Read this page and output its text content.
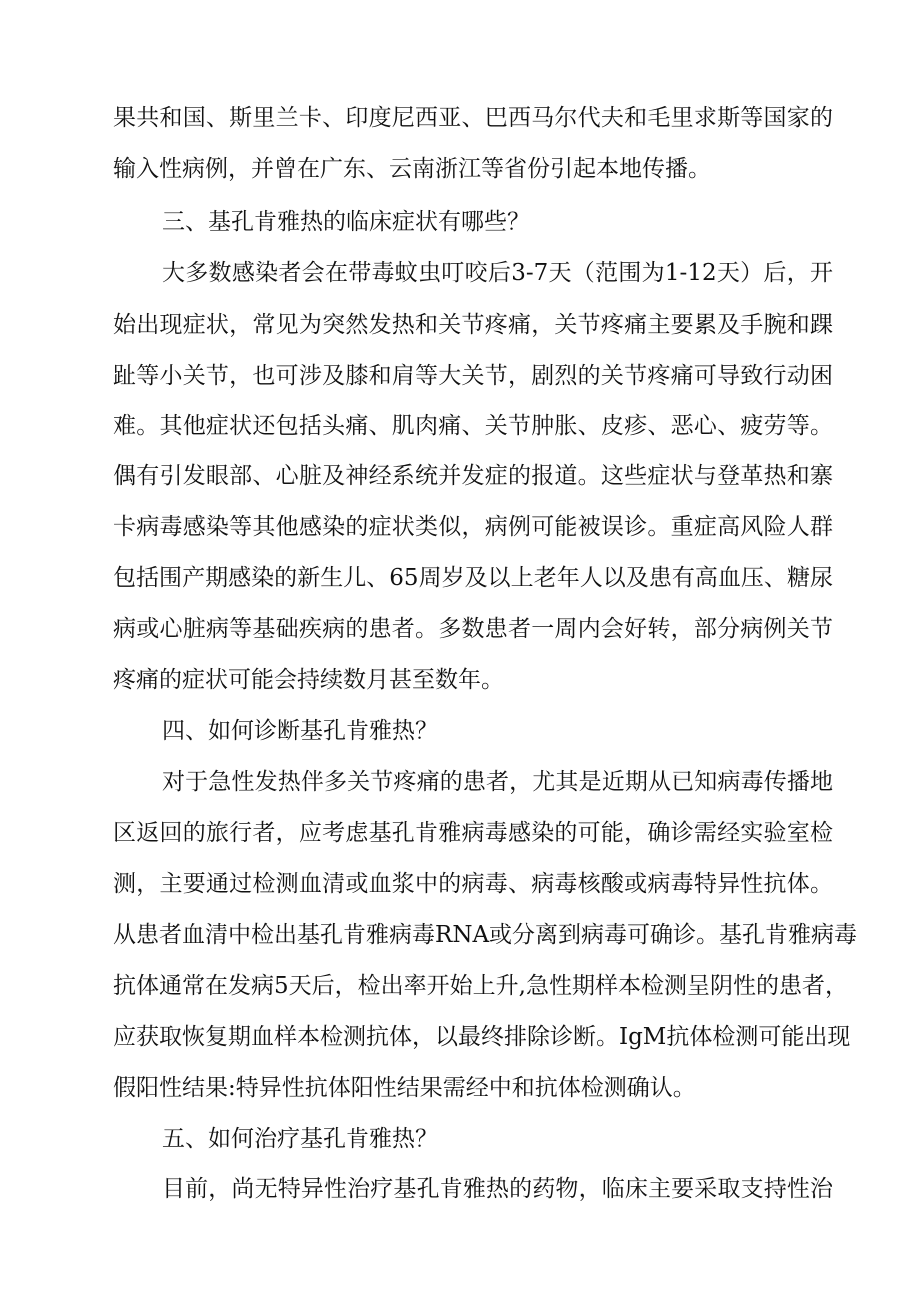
果共和国、斯里兰卡、印度尼西亚、巴西马尔代夫和毛里求斯等国家的
输入性病例，并曾在广东、云南浙江等省份引起本地传播。
三、基孔肯雅热的临床症状有哪些？
大多数感染者会在带毒蚊虫叮咬后3-7天（范围为1-12天）后，开
始出现症状，常见为突然发热和关节疼痛，关节疼痛主要累及手腕和踝
趾等小关节，也可涉及膝和肩等大关节，剧烈的关节疼痛可导致行动困
难。其他症状还包括头痛、肌肉痛、关节肿胀、皮疹、恶心、疲劳等。
偶有引发眼部、心脏及神经系统并发症的报道。这些症状与登革热和寨
卡病毒感染等其他感染的症状类似，病例可能被误诊。重症高风险人群
包括围产期感染的新生儿、65周岁及以上老年人以及患有高血压、糖尿
病或心脏病等基础疾病的患者。多数患者一周内会好转，部分病例关节
疼痛的症状可能会持续数月甚至数年。
四、如何诊断基孔肯雅热？
对于急性发热伴多关节疼痛的患者，尤其是近期从已知病毒传播地
区返回的旅行者，应考虑基孔肯雅病毒感染的可能，确诊需经实验室检
测，主要通过检测血清或血浆中的病毒、病毒核酸或病毒特异性抗体。
从患者血清中检出基孔肯雅病毒RNA或分离到病毒可确诊。基孔肯雅病毒
抗体通常在发病5天后，检出率开始上升,急性期样本检测呈阴性的患者，
应获取恢复期血样本检测抗体，以最终排除诊断。IgM抗体检测可能出现
假阳性结果:特异性抗体阳性结果需经中和抗体检测确认。
五、如何治疗基孔肯雅热？
目前，尚无特异性治疗基孔肯雅热的药物，临床主要采取支持性治
